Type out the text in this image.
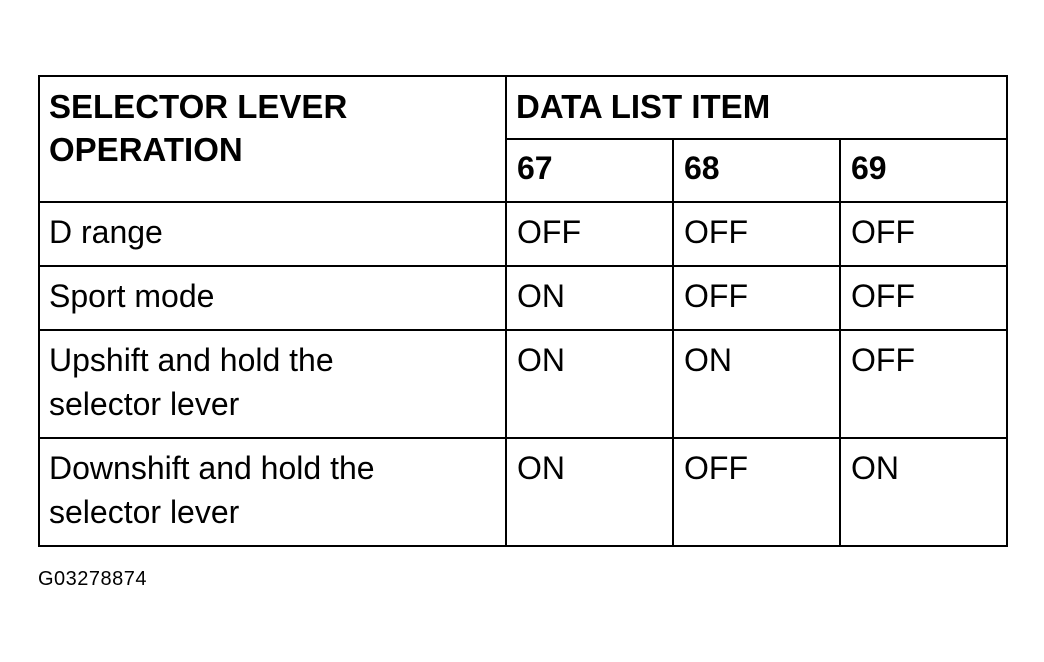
SELECTOR LEVER
OPERATION	DATA LIST ITEM		

	67	68	69

D range	OFF	OFF	OFF

Sport mode	ON	OFF	OFF

Upshift and hold the
selector lever	ON	ON	OFF

Downshift and hold the
selector lever	ON	OFF	ON
G03278874
